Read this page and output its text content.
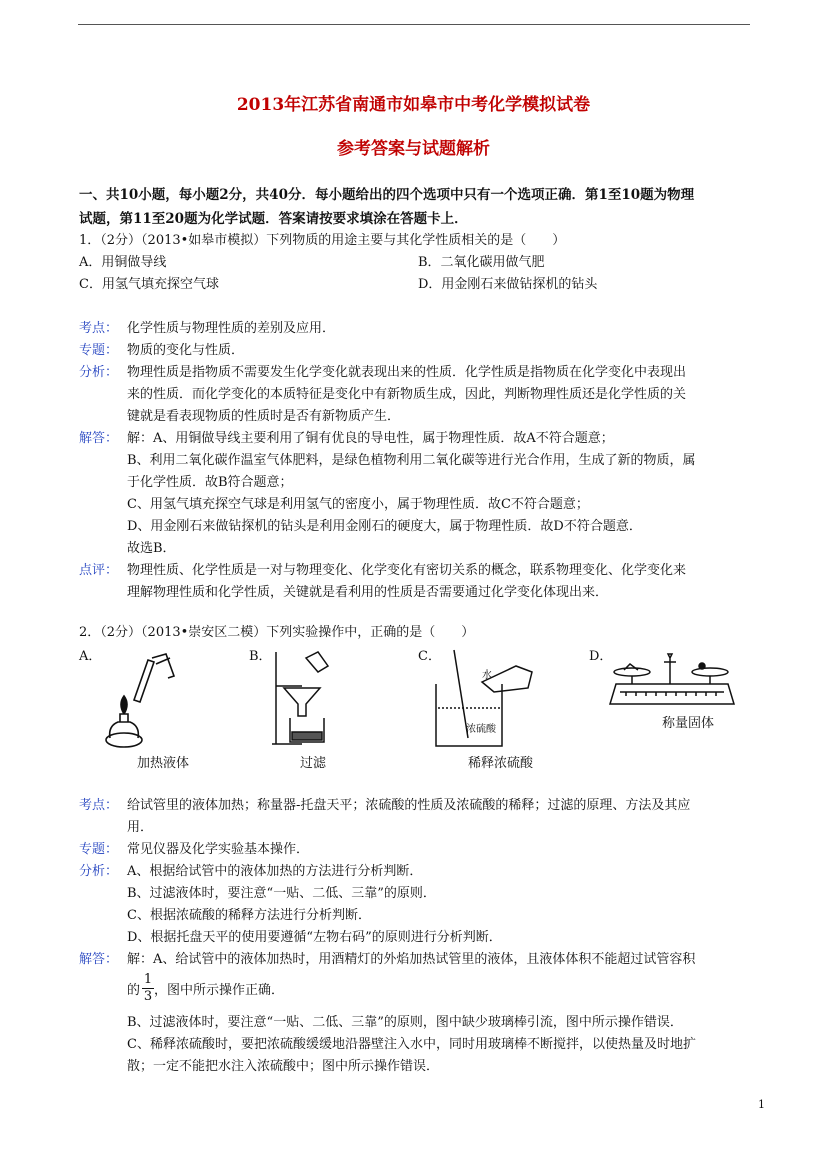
2013年江苏省南通市如皋市中考化学模拟试卷
参考答案与试题解析
一、共10小题，每小题2分，共40分．每小题给出的四个选项中只有一个选项正确．第1至10题为物理
试题，第11至20题为化学试题．答案请按要求填涂在答题卡上．
1．（2分）（2013•如皋市模拟）下列物质的用途主要与其化学性质相关的是（　　）
A．用铜做导线	B．二氧化碳用做气肥
C．用氢气填充探空气球	D．用金刚石来做钻探机的钻头
考点： 化学性质与物理性质的差别及应用．
专题： 物质的变化与性质．
分析： 物理性质是指物质不需要发生化学变化就表现出来的性质．化学性质是指物质在化学变化中表现出
来的性质．而化学变化的本质特征是变化中有新物质生成，因此，判断物理性质还是化学性质的关
键就是看表现物质的性质时是否有新物质产生．
解答： 解：A、用铜做导线主要利用了铜有优良的导电性，属于物理性质．故A不符合题意；
B、利用二氧化碳作温室气体肥料，是绿色植物利用二氧化碳等进行光合作用，生成了新的物质，属
于化学性质．故B符合题意；
C、用氢气填充探空气球是利用氢气的密度小，属于物理性质．故C不符合题意；
D、用金刚石来做钻探机的钻头是利用金刚石的硬度大，属于物理性质．故D不符合题意．
故选B．
点评： 物理性质、化学性质是一对与物理变化、化学变化有密切关系的概念，联系物理变化、化学变化来
理解物理性质和化学性质，关键就是看利用的性质是否需要通过化学变化体现出来．
2．（2分）（2013•崇安区二模）下列实验操作中，正确的是（　　）
A．	B．	C．	D．
加热液体	过滤
水
浓硫酸
稀释浓硫酸
称量固体
考点： 给试管里的液体加热；称量器-托盘天平；浓硫酸的性质及浓硫酸的稀释；过滤的原理、方法及其应
用．
专题： 常见仪器及化学实验基本操作．
分析： A、根据给试管中的液体加热的方法进行分析判断．
B、过滤液体时，要注意“一贴、二低、三靠”的原则．
C、根据浓硫酸的稀释方法进行分析判断．
D、根据托盘天平的使用要遵循“左物右码”的原则进行分析判断．
解答： 解：A、给试管中的液体加热时，用酒精灯的外焰加热试管里的液体，且液体体积不能超过试管容积
的
1
3 ，图中所示操作正确．
B、过滤液体时，要注意“一贴、二低、三靠”的原则，图中缺少玻璃棒引流，图中所示操作错误．
C、稀释浓硫酸时，要把浓硫酸缓缓地沿器壁注入水中，同时用玻璃棒不断搅拌，以使热量及时地扩
散；一定不能把水注入浓硫酸中；图中所示操作错误．
1
